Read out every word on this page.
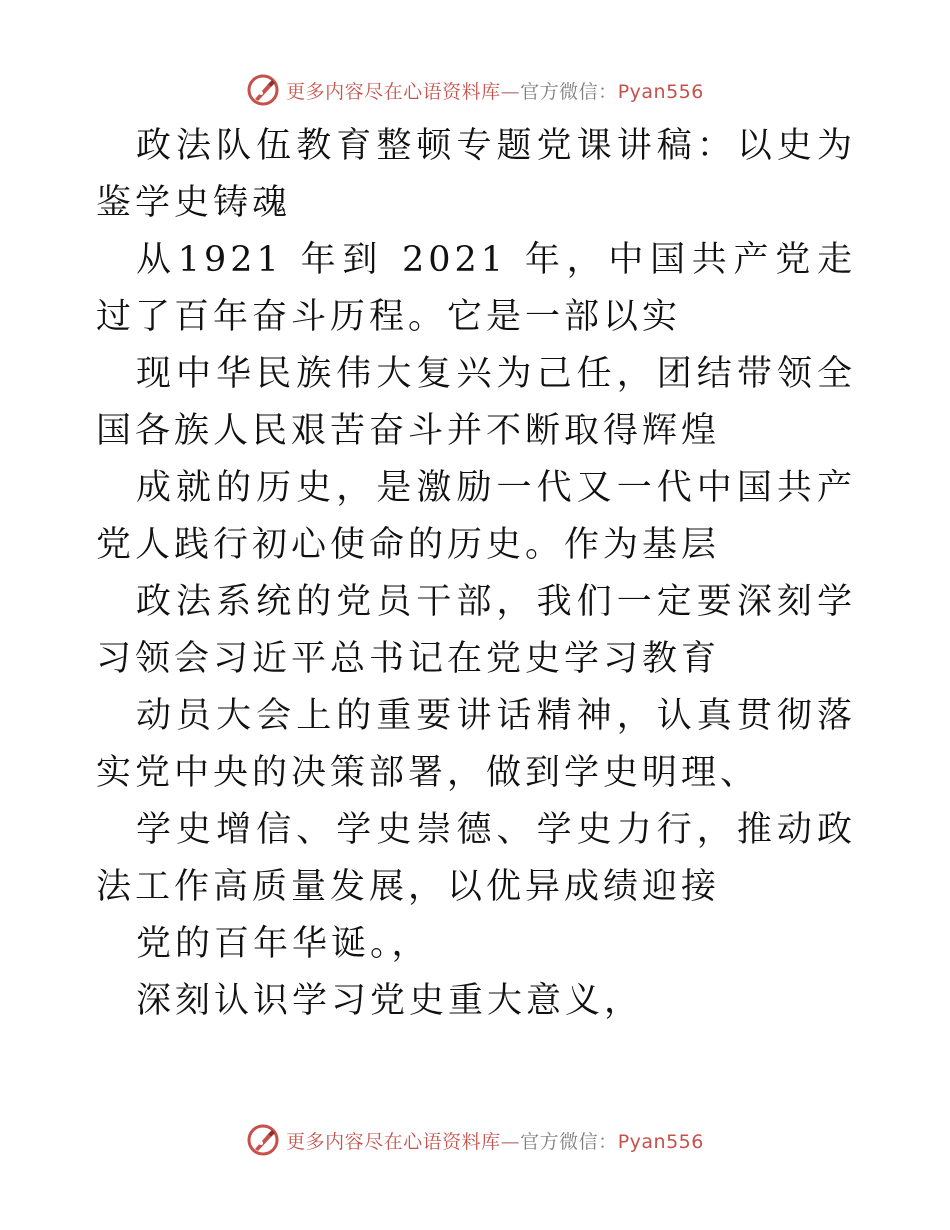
更多内容尽在心语资料库—官方微信：Pyan556

政法队伍教育整顿专题党课讲稿：以史为鉴学史铸魂

从1921 年到 2021 年，中国共产党走过了百年奋斗历程。它是一部以实

现中华民族伟大复兴为己任，团结带领全国各族人民艰苦奋斗并不断取得辉煌

成就的历史，是激励一代又一代中国共产党人践行初心使命的历史。作为基层

政法系统的党员干部，我们一定要深刻学习领会习近平总书记在党史学习教育

动员大会上的重要讲话精神，认真贯彻落实党中央的决策部署，做到学史明理、

学史增信、学史崇德、学史力行，推动政法工作高质量发展，以优异成绩迎接

党的百年华诞。，

深刻认识学习党史重大意义，

更多内容尽在心语资料库—官方微信：Pyan556
